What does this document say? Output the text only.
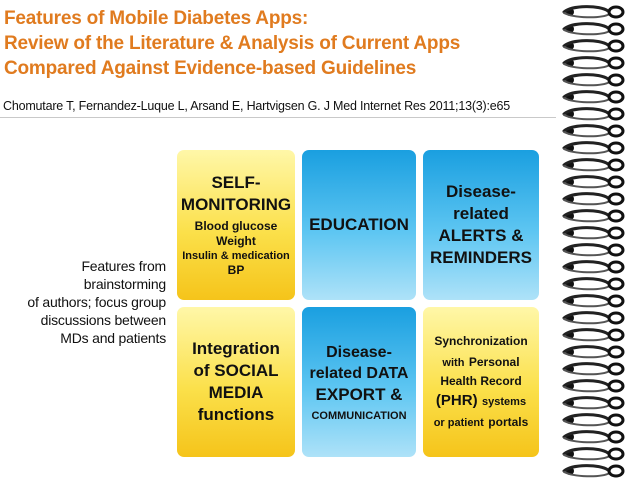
Features of Mobile Diabetes Apps:
Review of the Literature & Analysis of Current Apps
Compared Against Evidence-based Guidelines
Chomutare T, Fernandez-Luque L, Arsand E, Hartvigsen G. J Med Internet Res 2011;13(3):e65
Features from
brainstorming
of authors; focus group
discussions between
MDs and patients
SELF-
MONITORING
Blood glucose
Weight
Insulin & medication
BP
EDUCATION
Disease-
related
ALERTS &
REMINDERS
Integration
of SOCIAL
MEDIA
functions
Disease-
related DATA
EXPORT &
COMMUNICATION
Synchronization
with Personal
Health Record
(PHR) systems
or patient portals
